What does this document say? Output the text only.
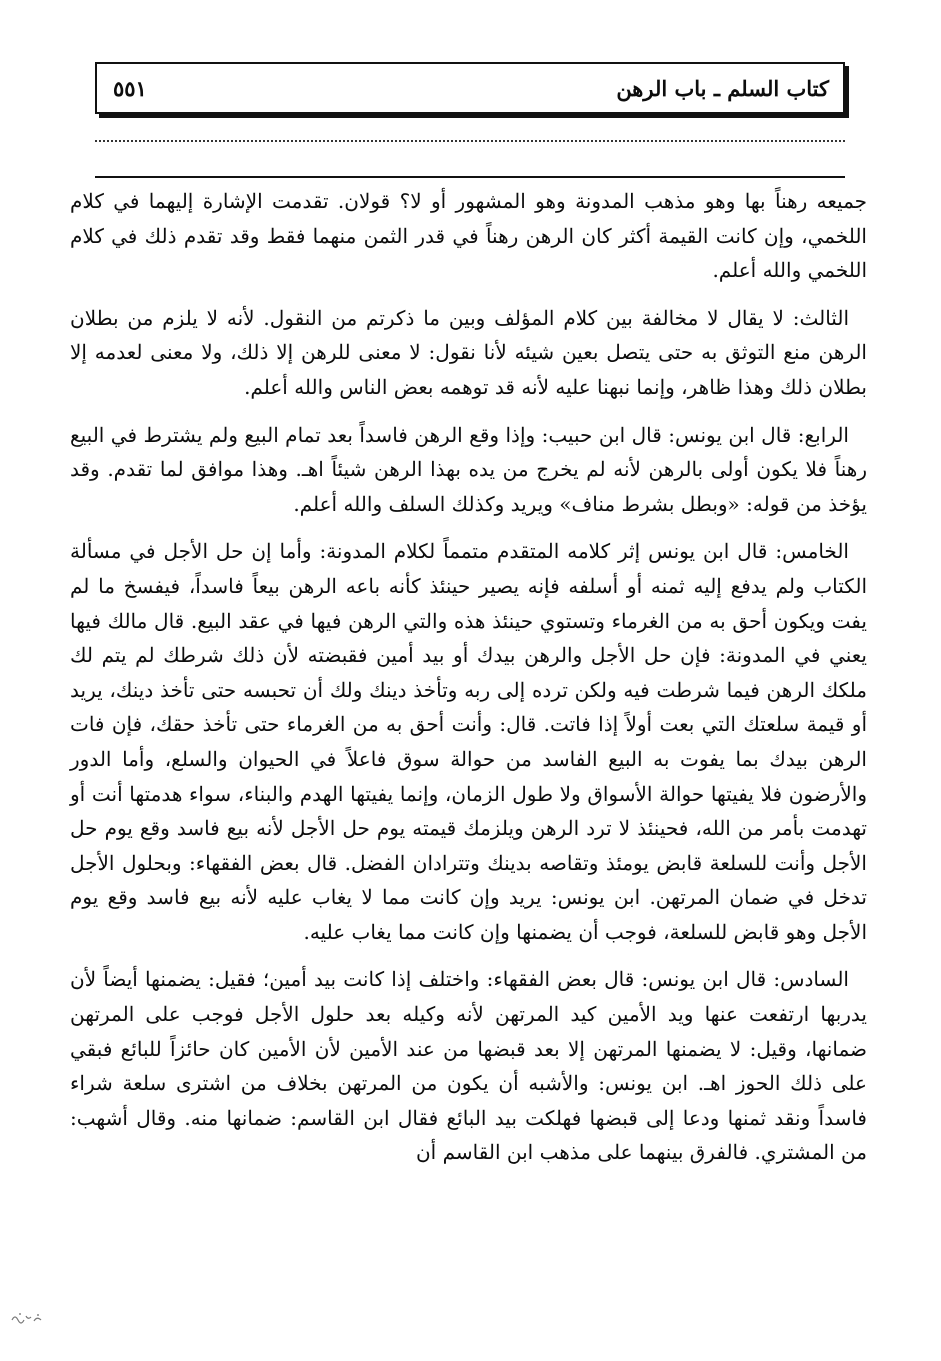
كتاب السلم ـ باب الرهن
٥٥١

جميعه رهناً بها وهو مذهب المدونة وهو المشهور أو لا؟ قولان. تقدمت الإشارة إليهما في كلام اللخمي، وإن كانت القيمة أكثر كان الرهن رهناً في قدر الثمن منهما فقط وقد تقدم ذلك في كلام اللخمي والله أعلم.

الثالث: لا يقال لا مخالفة بين كلام المؤلف وبين ما ذكرتم من النقول. لأنه لا يلزم من بطلان الرهن منع التوثق به حتى يتصل بعين شيئه لأنا نقول: لا معنى للرهن إلا ذلك، ولا معنى لعدمه إلا بطلان ذلك وهذا ظاهر، وإنما نبهنا عليه لأنه قد توهمه بعض الناس والله أعلم.

الرابع: قال ابن يونس: قال ابن حبيب: وإذا وقع الرهن فاسداً بعد تمام البيع ولم يشترط في البيع رهناً فلا يكون أولى بالرهن لأنه لم يخرج من يده بهذا الرهن شيئاً اهـ. وهذا موافق لما تقدم. وقد يؤخذ من قوله: «وبطل بشرط مناف» ويريد وكذلك السلف والله أعلم.

الخامس: قال ابن يونس إثر كلامه المتقدم متمماً لكلام المدونة: وأما إن حل الأجل في مسألة الكتاب ولم يدفع إليه ثمنه أو أسلفه فإنه يصير حينئذ كأنه باعه الرهن بيعاً فاسداً، فيفسخ ما لم يفت ويكون أحق به من الغرماء وتستوي حينئذ هذه والتي الرهن فيها في عقد البيع. قال مالك فيها يعني في المدونة: فإن حل الأجل والرهن بيدك أو بيد أمين فقبضته لأن ذلك شرطك لم يتم لك ملكك الرهن فيما شرطت فيه ولكن ترده إلى ربه وتأخذ دينك ولك أن تحبسه حتى تأخذ دينك، يريد أو قيمة سلعتك التي بعت أولاً إذا فاتت. قال: وأنت أحق به من الغرماء حتى تأخذ حقك، فإن فات الرهن بيدك بما يفوت به البيع الفاسد من حوالة سوق فاعلاً في الحيوان والسلع، وأما الدور والأرضون فلا يفيتها حوالة الأسواق ولا طول الزمان، وإنما يفيتها الهدم والبناء، سواء هدمتها أنت أو تهدمت بأمر من الله، فحينئذ لا ترد الرهن ويلزمك قيمته يوم حل الأجل لأنه بيع فاسد وقع يوم حل الأجل وأنت للسلعة قابض يومئذ وتقاصه بدينك وتترادان الفضل. قال بعض الفقهاء: وبحلول الأجل تدخل في ضمان المرتهن. ابن يونس: يريد وإن كانت مما لا يغاب عليه لأنه بيع فاسد وقع يوم الأجل وهو قابض للسلعة، فوجب أن يضمنها وإن كانت مما يغاب عليه.

السادس: قال ابن يونس: قال بعض الفقهاء: واختلف إذا كانت بيد أمين؛ فقيل: يضمنها أيضاً لأن يدربها ارتفعت عنها ويد الأمين كيد المرتهن لأنه وكيله بعد حلول الأجل فوجب على المرتهن ضمانها، وقيل: لا يضمنها المرتهن إلا بعد قبضها من عند الأمين لأن الأمين كان حائزاً للبائع فبقي على ذلك الحوز اهـ. ابن يونس: والأشبه أن يكون من المرتهن بخلاف من اشترى سلعة شراء فاسداً ونقد ثمنها ودعا إلى قبضها فهلكت بيد البائع فقال ابن القاسم: ضمانها منه. وقال أشهب: من المشتري. فالفرق بينهما على مذهب ابن القاسم أن
